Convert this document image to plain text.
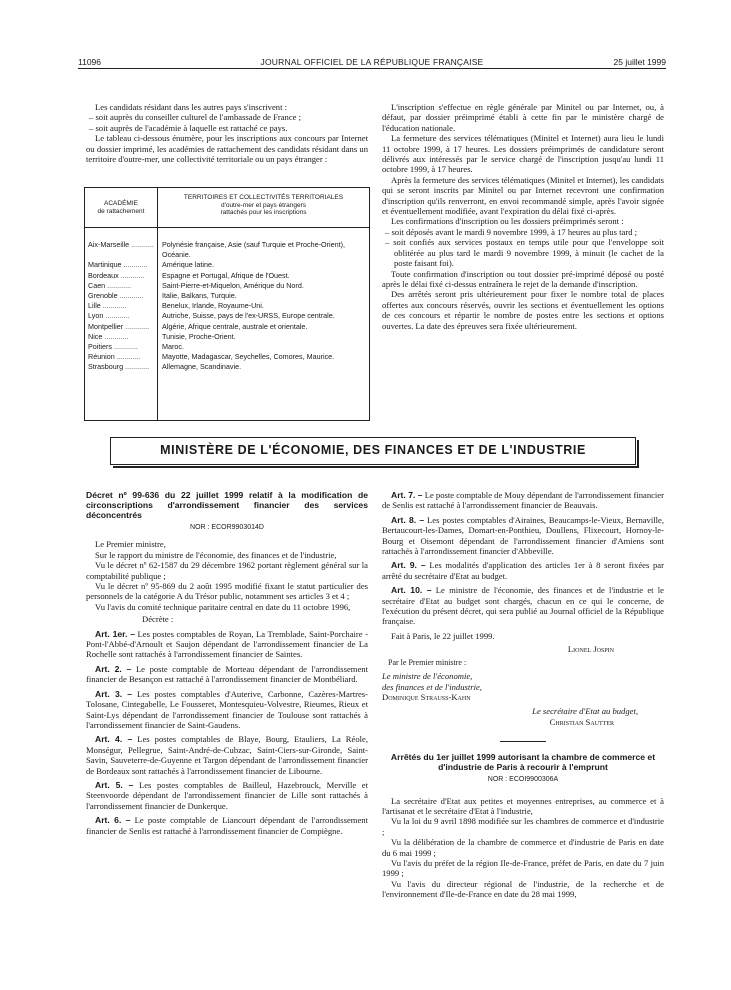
11096	JOURNAL OFFICIEL DE LA RÉPUBLIQUE FRANÇAISE	25 juillet 1999

Les candidats résidant dans les autres pays s'inscrivent :

– soit auprès du conseiller culturel de l'ambassade de France ;

– soit auprès de l'académie à laquelle est rattaché ce pays.

Le tableau ci-dessous énumère, pour les inscriptions aux concours par Internet ou dossier imprimé, les académies de rattachement des candidats résidant dans un territoire d'outre-mer, une collectivité territoriale ou un pays étranger :

ACADÉMIE
de rattachement
TERRITOIRES ET COLLECTIVITÉS TERRITORIALES
d'outre-mer et pays étrangers
rattachés pour les inscriptions
Aix-Marseille .....	Polynésie française, Asie (sauf Turquie et Proche-Orient), Océanie.
Martinique .....	Amérique latine.
Bordeaux .....	Espagne et Portugal, Afrique de l'Ouest.
Caen .....	Saint-Pierre-et-Miquelon, Amérique du Nord.
Grenoble .....	Italie, Balkans, Turquie.
Lille .....	Benelux, Irlande, Royaume-Uni.
Lyon .....	Autriche, Suisse, pays de l'ex-URSS, Europe centrale.
Montpellier .....	Algérie, Afrique centrale, australe et orientale.
Nice .....	Tunisie, Proche-Orient.
Poitiers .....	Maroc.
Réunion .....	Mayotte, Madagascar, Seychelles, Comores, Maurice.
Strasbourg .....	Allemagne, Scandinavie.

L'inscription s'effectue en règle générale par Minitel ou par Internet, ou, à défaut, par dossier préimprimé établi à cette fin par le ministère chargé de l'éducation nationale.

La fermeture des services télématiques (Minitel et Internet) aura lieu le lundi 11 octobre 1999, à 17 heures. Les dossiers préimprimés de candidature seront délivrés aux intéressés par le service chargé de l'inscription jusqu'au lundi 11 octobre 1999, à 17 heures.

Après la fermeture des services télématiques (Minitel et Internet), les candidats qui se seront inscrits par Minitel ou par Internet recevront une confirmation d'inscription qu'ils renverront, en envoi recommandé simple, après l'avoir signée et éventuellement modifiée, avant l'expiration du délai fixé ci-après.

Les confirmations d'inscription ou les dossiers préimprimés seront :

– soit déposés avant le mardi 9 novembre 1999, à 17 heures au plus tard ;

– soit confiés aux services postaux en temps utile pour que l'enveloppe soit oblitérée au plus tard le mardi 9 novembre 1999, à minuit (le cachet de la poste faisant foi).

Toute confirmation d'inscription ou tout dossier pré-imprimé déposé ou posté après le délai fixé ci-dessus entraînera le rejet de la demande d'inscription.

Des arrêtés seront pris ultérieurement pour fixer le nombre total de places offertes aux concours réservés, ouvrir les sections et éventuellement les options de ces concours et répartir le nombre de postes entre les sections et options ouvertes. La date des épreuves sera fixée ultérieurement.

MINISTÈRE DE L'ÉCONOMIE, DES FINANCES ET DE L'INDUSTRIE
Décret nº 99-636 du 22 juillet 1999 relatif à la modification de circonscriptions d'arrondissement financier des services déconcentrés
NOR : ECOR9903014D

Le Premier ministre,

Sur le rapport du ministre de l'économie, des finances et de l'industrie,

Vu le décret nº 62-1587 du 29 décembre 1962 portant règlement général sur la comptabilité publique ;

Vu le décret nº 95-869 du 2 août 1995 modifié fixant le statut particulier des personnels de la catégorie A du Trésor public, notamment ses articles 3 et 4 ;

Vu l'avis du comité technique paritaire central en date du 11 octobre 1996,

Décrète :

Art. 1er. – Les postes comptables de Royan, La Tremblade, Saint-Porchaire - Pont-l'Abbé-d'Arnoult et Saujon dépendant de l'arrondissement financier de La Rochelle sont rattachés à l'arrondissement financier de Saintes.

Art. 2. – Le poste comptable de Morteau dépendant de l'arrondissement financier de Besançon est rattaché à l'arrondissement financier de Montbéliard.

Art. 3. – Les postes comptables d'Auterive, Carbonne, Cazères-Martres-Tolosane, Cintegabelle, Le Fousseret, Montesquieu-Volvestre, Rieumes, Rieux et Saint-Lys dépendant de l'arrondissement financier de Toulouse sont rattachés à l'arrondissement financier de Saint-Gaudens.

Art. 4. – Les postes comptables de Blaye, Bourg, Etauliers, La Réole, Monségur, Pellegrue, Saint-André-de-Cubzac, Saint-Ciers-sur-Gironde, Saint-Savin, Sauveterre-de-Guyenne et Targon dépendant de l'arrondissement financier de Bordeaux sont rattachés à l'arrondissement financier de Libourne.

Art. 5. – Les postes comptables de Bailleul, Hazebrouck, Merville et Steenvoorde dépendant de l'arrondissement financier de Lille sont rattachés à l'arrondissement financier de Dunkerque.

Art. 6. – Le poste comptable de Liancourt dépendant de l'arrondissement financier de Senlis est rattaché à l'arrondissement financier de Compiègne.

Art. 7. – Le poste comptable de Mouy dépendant de l'arrondissement financier de Senlis est rattaché à l'arrondissement financier de Beauvais.

Art. 8. – Les postes comptables d'Airaines, Beaucamps-le-Vieux, Bernaville, Bertaucourt-les-Dames, Domart-en-Ponthieu, Doullens, Flixecourt, Hornoy-le-Bourg et Oisemont dépendant de l'arrondissement financier d'Amiens sont rattachés à l'arrondissement financier d'Abbeville.

Art. 9. – Les modalités d'application des articles 1er à 8 seront fixées par arrêté du secrétaire d'Etat au budget.

Art. 10. – Le ministre de l'économie, des finances et de l'industrie et le secrétaire d'Etat au budget sont chargés, chacun en ce qui le concerne, de l'exécution du présent décret, qui sera publié au Journal officiel de la République française.

Fait à Paris, le 22 juillet 1999.

Lionel Jospin

Par le Premier ministre :

Le ministre de l'économie,

des finances et de l'industrie,

Dominique Strauss-Kahn

Le secrétaire d'Etat au budget,

Christian Sautter

Arrêtés du 1er juillet 1999 autorisant la chambre de commerce et d'industrie de Paris à recourir à l'emprunt
NOR : ECOI9900306A

La secrétaire d'Etat aux petites et moyennes entreprises, au commerce et à l'artisanat et le secrétaire d'Etat à l'industrie,

Vu la loi du 9 avril 1898 modifiée sur les chambres de commerce et d'industrie ;

Vu la délibération de la chambre de commerce et d'industrie de Paris en date du 6 mai 1999 ;

Vu l'avis du préfet de la région Ile-de-France, préfet de Paris, en date du 7 juin 1999 ;

Vu l'avis du directeur régional de l'industrie, de la recherche et de l'environnement d'Ile-de-France en date du 28 mai 1999,
